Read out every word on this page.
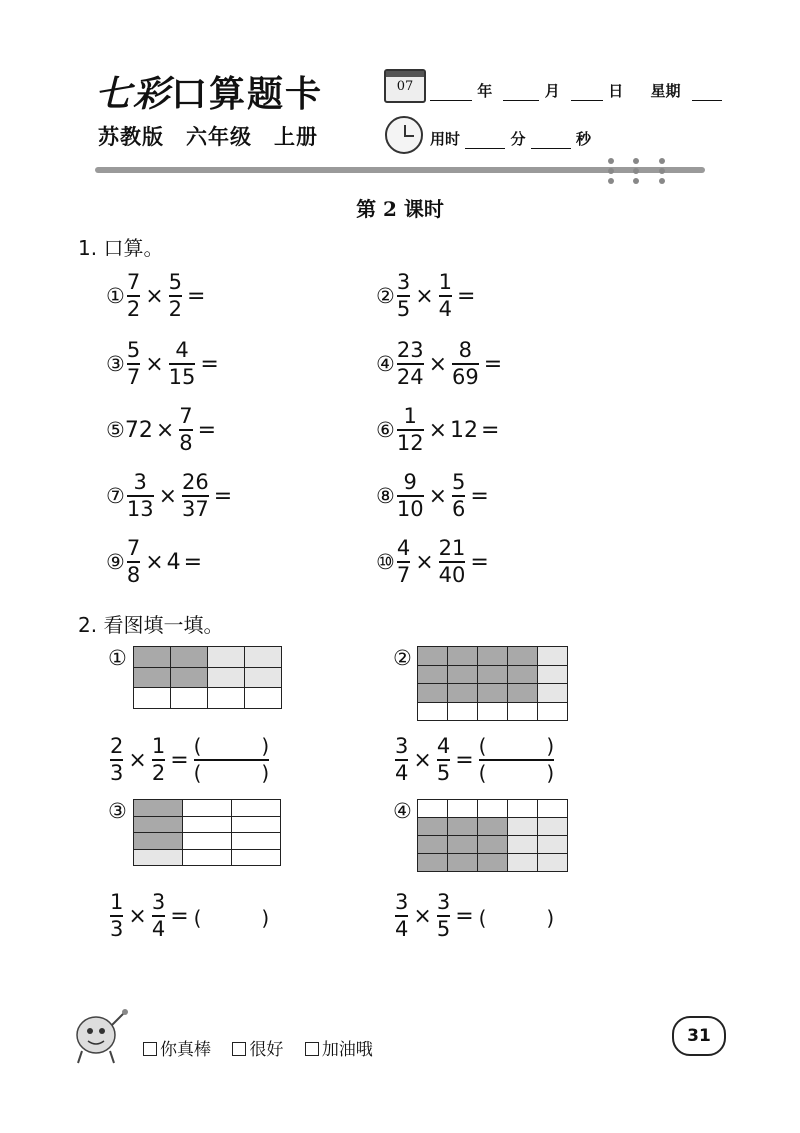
七彩口算题卡
苏教版　六年级　上册
07	年	月	日 星期
用时	分	秒
第 2 课时
1. 口算。
① $\frac{7}{2} \times \frac{5}{2}$ =	② $\frac{3}{5} \times \frac{1}{4}$ =
③ $\frac{5}{7} \times \frac{4}{15}$ =	④ $\frac{23}{24} \times \frac{8}{69}$ =
⑤ $72 \times \frac{7}{8}$ =	⑥ $\frac{1}{12} \times 12$ =
⑦ $\frac{3}{13} \times \frac{26}{37}$ =	⑧ $\frac{9}{10} \times \frac{5}{6}$ =
⑨ $\frac{7}{8} \times 4$ =	⑩ $\frac{4}{7} \times \frac{21}{40}$ =
2. 看图填一填。
①

$\frac{2}{3} \times \frac{1}{2}$ =
(　　　)
(　　　)
②

$\frac{3}{4} \times \frac{4}{5}$ =
(　　　)
(　　　)
③

$\frac{1}{3} \times \frac{3}{4}$ = (　　　)
④

$\frac{3}{4} \times \frac{3}{5}$ = (　　　)
你真棒 很好 加油哦
31
